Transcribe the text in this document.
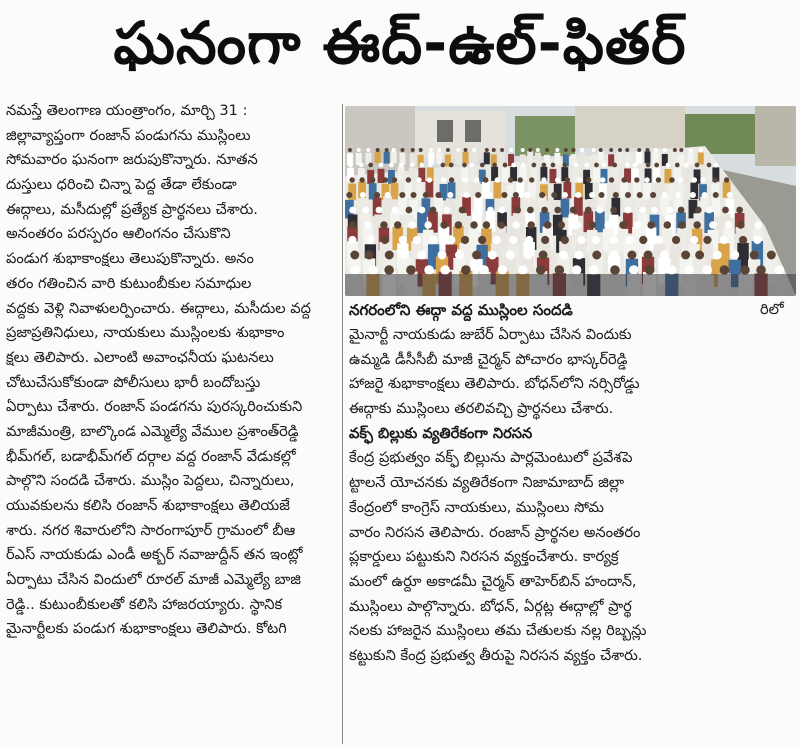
ఘనంగా ఈద్-ఉల్-ఫితర్
నమస్తే తెలంగాణ యంత్రాంగం, మార్చి 31 :
జిల్లావ్యాప్తంగా రంజాన్ పండుగను ముస్లింలు
సోమవారం ఘనంగా జరుపుకొన్నారు. నూతన
దుస్తులు ధరించి చిన్నా పెద్ద తేడా లేకుండా
ఈద్గాలు, మసీదుల్లో ప్రత్యేక ప్రార్థనలు చేశారు.
అనంతరం పరస్పరం ఆలింగనం చేసుకొని
పండుగ శుభాకాంక్షలు తెలుపుకొన్నారు. అనం
తరం గతించిన వారి కుటుంబీకుల సమాధుల
వద్దకు వెళ్లి నివాళులర్పించారు. ఈద్గాలు, మసీదుల వద్ద
ప్రజాప్రతినిధులు, నాయకులు ముస్లింలకు శుభాకాం
క్షలు తెలిపారు. ఎలాంటి అవాంఛనీయ ఘటనలు
చోటుచేసుకోకుండా పోలీసులు భారీ బందోబస్తు
ఏర్పాటు చేశారు. రంజాన్ పండగను పురస్కరించుకుని
మాజీమంత్రి, బాల్కొండ ఎమ్మెల్యే వేముల ప్రశాంత్‌రెడ్డి
భీమ్‌గల్, బడాభీమ్‌గల్ దర్గాల వద్ద రంజాన్ వేడుకల్లో
పాల్గొని సందడి చేశారు. ముస్లిం పెద్దలు, చిన్నారులు,
యువకులను కలిసి రంజాన్ శుభాకాంక్షలు తెలియజే
శారు. నగర శివారులోని సారంగాపూర్ గ్రామంలో బీఆ
ర్ఎస్ నాయకుడు ఎండీ అక్బర్ నవాజుద్దీన్ తన ఇంట్లో
ఏర్పాటు చేసిన విందులో రూరల్ మాజీ ఎమ్మెల్యే బాజి
రెడ్డి.. కుటుంబీకులతో కలిసి హాజరయ్యారు. స్థానిక
మైనార్టీలకు పండుగ శుభాకాంక్షలు తెలిపారు. కోటగి
నగరంలోని ఈద్గా వద్ద ముస్లింల సందడి	రిలో
మైనార్టీ నాయకుడు జుబేర్ ఏర్పాటు చేసిన విందుకు
ఉమ్మడి డీసీసీబీ మాజీ చైర్మన్ పోచారం భాస్కర్‌రెడ్డి
హాజరై శుభాకాంక్షలు తెలిపారు. బోధన్‌లోని నర్సిరోడ్డు
ఈద్గాకు ముస్లింలు తరలివచ్చి ప్రార్థనలు చేశారు.
వక్ఫ్ బిల్లుకు వ్యతిరేకంగా నిరసన
కేంద్ర ప్రభుత్వం వక్ఫ్ బిల్లును పార్లమెంటులో ప్రవేశపె
ట్టాలనే యోచనకు వ్యతిరేకంగా నిజామాబాద్ జిల్లా
కేంద్రంలో కాంగ్రెస్ నాయకులు, ముస్లింలు సోమ
వారం నిరసన తెలిపారు. రంజాన్ ప్రార్థనల అనంతరం
ప్లకార్డులు పట్టుకుని నిరసన వ్యక్తంచేశారు. కార్యక్ర
మంలో ఉర్దూ అకాడమీ చైర్మన్ తాహెర్‌బిన్ హందాన్,
ముస్లింలు పాల్గొన్నారు. బోధన్, ఏర్గట్ల ఈద్గాల్లో ప్రార్థ
నలకు హాజరైన ముస్లింలు తమ చేతులకు నల్ల రిబ్బన్లు
కట్టుకుని కేంద్ర ప్రభుత్వ తీరుపై నిరసన వ్యక్తం చేశారు.
